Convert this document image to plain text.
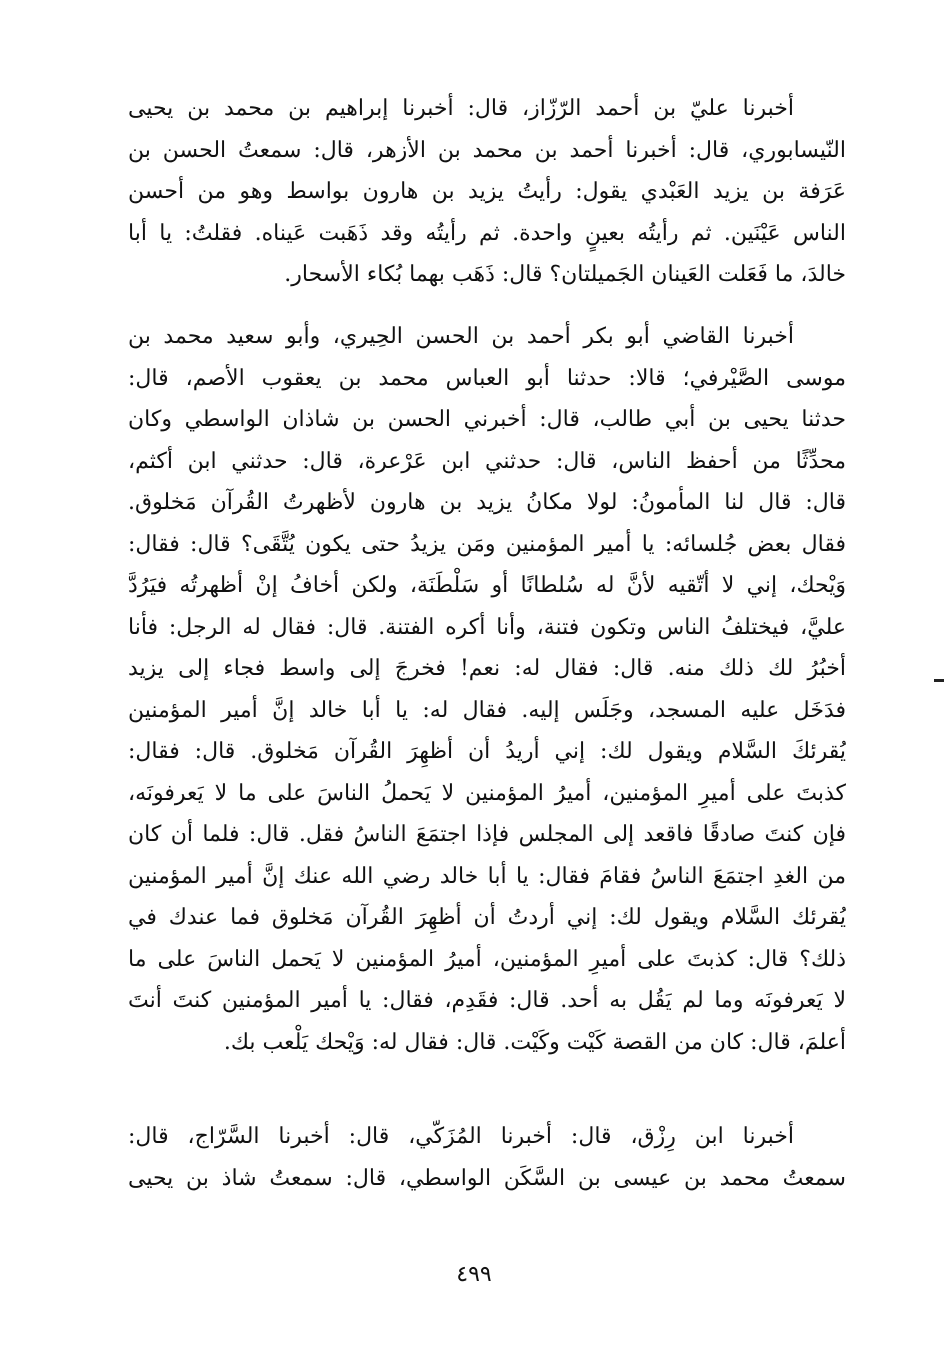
أخبرنا عليّ بن أحمد الرّزّاز، قال: أخبرنا إبراهيم بن محمد بن يحيى
النّيسابوري، قال: أخبرنا أحمد بن محمد بن الأزهر، قال: سمعتُ الحسن بن
عَرَفة بن يزيد العَبْدي يقول: رأيتُ يزيد بن هارون بواسط وهو من أحسن
الناس عَيْنَين. ثم رأيتُه بعينٍ واحدة. ثم رأيتُه وقد ذَهَبت عَيناه. فقلتُ: يا أبا
خالدَ، ما فَعَلت العَينان الجَميلتان؟ قال: ذَهَب بهما بُكاء الأسحار.
أخبرنا القاضي أبو بكر أحمد بن الحسن الحِيري، وأبو سعيد محمد بن
موسى الصَّيْرفي؛ قالا: حدثنا أبو العباس محمد بن يعقوب الأصم، قال:
حدثنا يحيى بن أبي طالب، قال: أخبرني الحسن بن شاذان الواسطي وكان
محدِّثًا من أحفظ الناس، قال: حدثني ابن عَرْعرة، قال: حدثني ابن أكثم،
قال: قال لنا المأمونُ: لولا مكانُ يزيد بن هارون لأظهرتُ القُرآن مَخلوق.
فقال بعض جُلسائه: يا أمير المؤمنين ومَن يزيدُ حتى يكون يُتَّقَى؟ قال: فقال:
وَيْحك، إني لا أتّقيه لأنَّ له سُلطانًا أو سَلْطَنَة، ولكن أخافُ إنْ أظهرتُه فيَرُدَّ
عليَّ، فيختلفُ الناس وتكون فتنة، وأنا أكره الفتنة. قال: فقال له الرجل: فأنا
أخبُرُ لك ذلك منه. قال: فقال له: نعم! فخرجَ إلى واسط فجاء إلى يزيد
فدَخَل عليه المسجد، وجَلَس إليه. فقال له: يا أبا خالد إنَّ أمير المؤمنين
يُقرئكَ السَّلام ويقول لك: إني أريدُ أن أظهِرَ القُرآن مَخلوق. قال: فقال:
كذبتَ على أميرِ المؤمنين، أميرُ المؤمنين لا يَحملُ الناسَ على ما لا يَعرفونَه،
فإن كنتَ صادقًا فاقعد إلى المجلس فإذا اجتمَعَ الناسُ فقل. قال: فلما أن كان
من الغدِ اجتمَعَ الناسُ فقامَ فقال: يا أبا خالد رضي الله عنك إنَّ أمير المؤمنين
يُقرئك السَّلام ويقول لك: إني أردتُ أن أظهِرَ القُرآن مَخلوق فما عندك في
ذلك؟ قال: كذبتَ على أميرِ المؤمنين، أميرُ المؤمنين لا يَحمل الناسَ على ما
لا يَعرفونَه وما لم يَقُل به أحد. قال: فقَدِم، فقال: يا أمير المؤمنين كنتَ أنتَ
أعلمَ، قال: كان من القصة كَيْت وكَيْت. قال: فقال له: وَيْحك يَلْعب بك.
أخبرنا ابن رِزْق، قال: أخبرنا المُزَكّي، قال: أخبرنا السَّرّاج، قال:
سمعتُ محمد بن عيسى بن السَّكَن الواسطي، قال: سمعتُ شاذ بن يحيى
٤٩٩
